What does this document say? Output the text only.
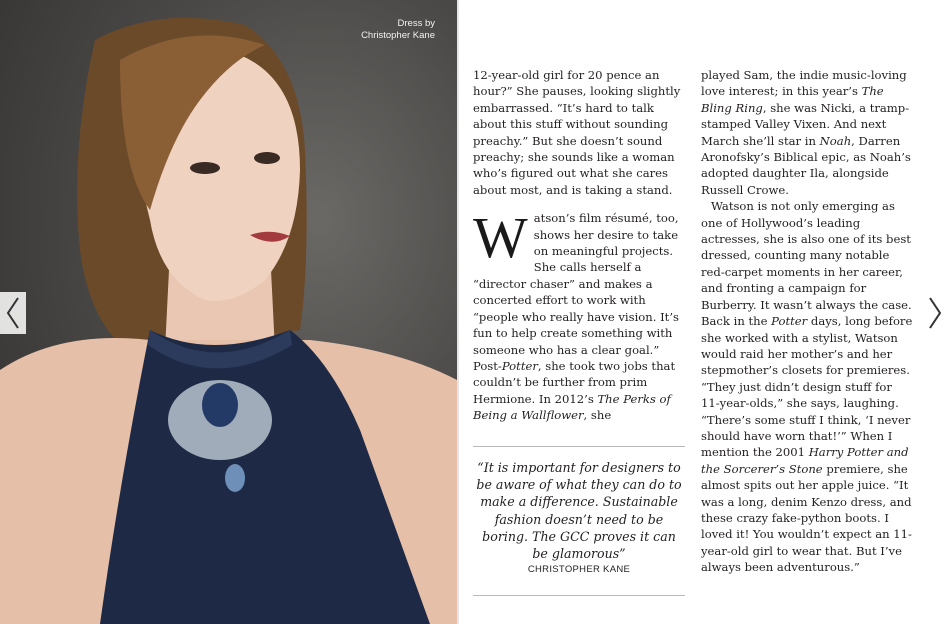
Dress by
Christopher Kane

12-year-old girl for 20 pence an hour?” She pauses, looking slightly embarrassed. “It’s hard to talk about this stuff without sounding preachy.” But she doesn’t sound preachy; she sounds like a woman who’s figured out what she cares about most, and is taking a stand.

Watson’s film résumé, too, shows her desire to take on meaningful projects. She calls herself a “director chaser” and makes a concerted effort to work with “people who really have vision. It’s fun to help create something with someone who has a clear goal.” Post-Potter, she took two jobs that couldn’t be further from prim Hermione. In 2012’s The Perks of Being a Wallflower, she

“It is important for designers to be aware of what they can do to make a difference. Sustainable fashion doesn’t need to be boring. The GCC proves it can be glamorous”

CHRISTOPHER KANE

played Sam, the indie music-loving love interest; in this year’s The Bling Ring, she was Nicki, a tramp-stamped Valley Vixen. And next March she’ll star in Noah, Darren Aronofsky’s Biblical epic, as Noah’s adopted daughter Ila, alongside Russell Crowe.

Watson is not only emerging as one of Hollywood’s leading actresses, she is also one of its best dressed, counting many notable red-carpet moments in her career, and fronting a campaign for Burberry. It wasn’t always the case. Back in the Potter days, long before she worked with a stylist, Watson would raid her mother’s and her stepmother’s closets for premieres. “They just didn’t design stuff for 11-year-olds,” she says, laughing. “There’s some stuff I think, ‘I never should have worn that!’” When I mention the 2001 Harry Potter and the Sorcerer’s Stone premiere, she almost spits out her apple juice. “It was a long, denim Kenzo dress, and these crazy fake-python boots. I loved it! You wouldn’t expect an 11-year-old girl to wear that. But I’ve always been adventurous.”
